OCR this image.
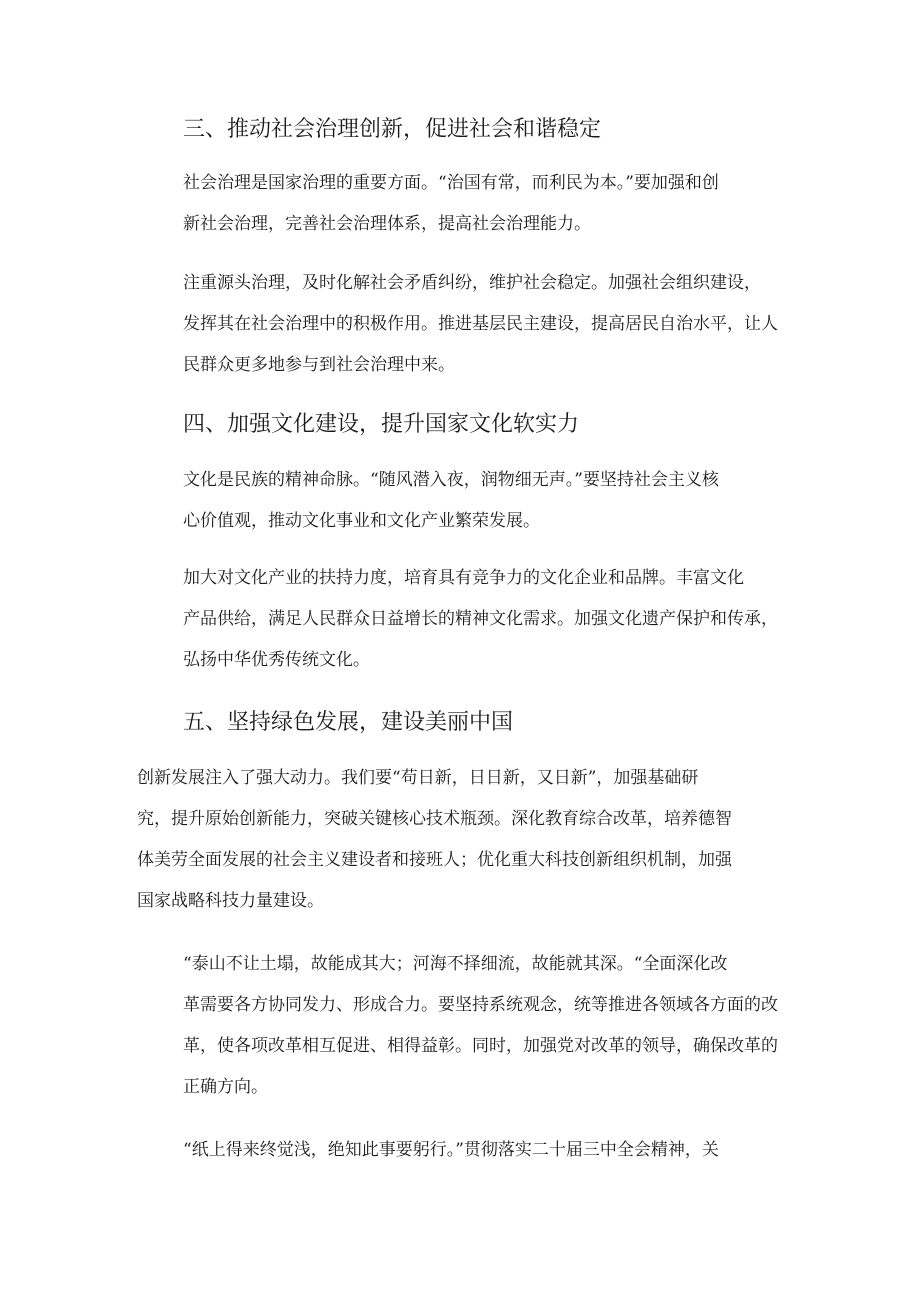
三、推动社会治理创新，促进社会和谐稳定

社会治理是国家治理的重要方面。“治国有常，而利民为本。”要加强和创
新社会治理，完善社会治理体系，提高社会治理能力。

注重源头治理，及时化解社会矛盾纠纷，维护社会稳定。加强社会组织建设，
发挥其在社会治理中的积极作用。推进基层民主建设，提高居民自治水平，让人
民群众更多地参与到社会治理中来。

四、加强文化建设，提升国家文化软实力

文化是民族的精神命脉。“随风潜入夜，润物细无声。”要坚持社会主义核
心价值观，推动文化事业和文化产业繁荣发展。

加大对文化产业的扶持力度，培育具有竞争力的文化企业和品牌。丰富文化
产品供给，满足人民群众日益增长的精神文化需求。加强文化遗产保护和传承，
弘扬中华优秀传统文化。

五、坚持绿色发展，建设美丽中国

创新发展注入了强大动力。我们要“苟日新，日日新，又日新”，加强基础研
究，提升原始创新能力，突破关键核心技术瓶颈。深化教育综合改革，培养德智
体美劳全面发展的社会主义建设者和接班人；优化重大科技创新组织机制，加强
国家战略科技力量建设。

“泰山不让土塌，故能成其大；河海不择细流，故能就其深。“全面深化改
革需要各方协同发力、形成合力。要坚持系统观念，统等推进各领域各方面的改
革，使各项改革相互促进、相得益彰。同时，加强党对改革的领导，确保改革的
正确方向。

“纸上得来终觉浅，绝知此事要躬行。”贯彻落实二十届三中全会精神，关
